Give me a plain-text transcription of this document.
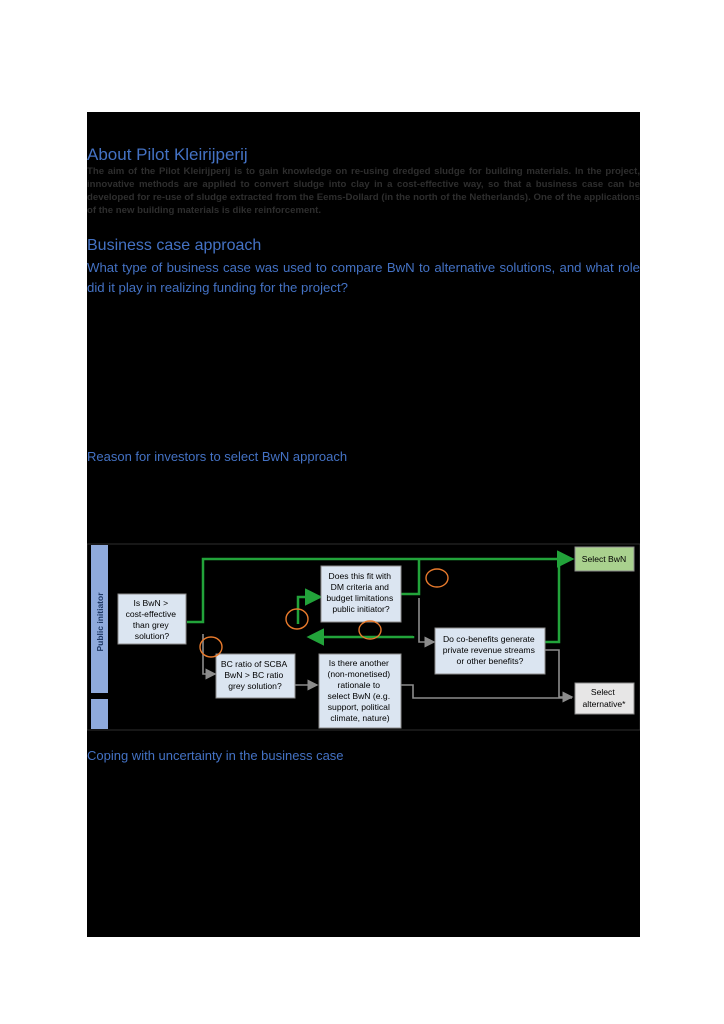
About Pilot Kleirijperij
The aim of the Pilot Kleirijperij is to gain knowledge on re-using dredged sludge for building materials. In the project, innovative methods are applied to convert sludge into clay in a cost-effective way, so that a business case can be developed for re-use of sludge extracted from the Eems-Dollard (in the north of the Netherlands). One of the applications of the new building materials is dike reinforcement.
Business case approach
What type of business case was used to compare BwN to alternative solutions, and what role did it play in realizing funding for the project?
Reason for investors to select BwN approach
Public initiator	Is BwN > cost-effective than grey solution?
BC ratio of SCBA BwN > BC ratio grey solution?
Does this fit with DM criteria and budget limitations public initiator?
Is there another (non-monetised) rationale to select BwN (e.g. support, political climate, nature)
Do co-benefits generate private revenue streams or other benefits?
Select BwN
Select alternative*
Coping with uncertainty in the business case
